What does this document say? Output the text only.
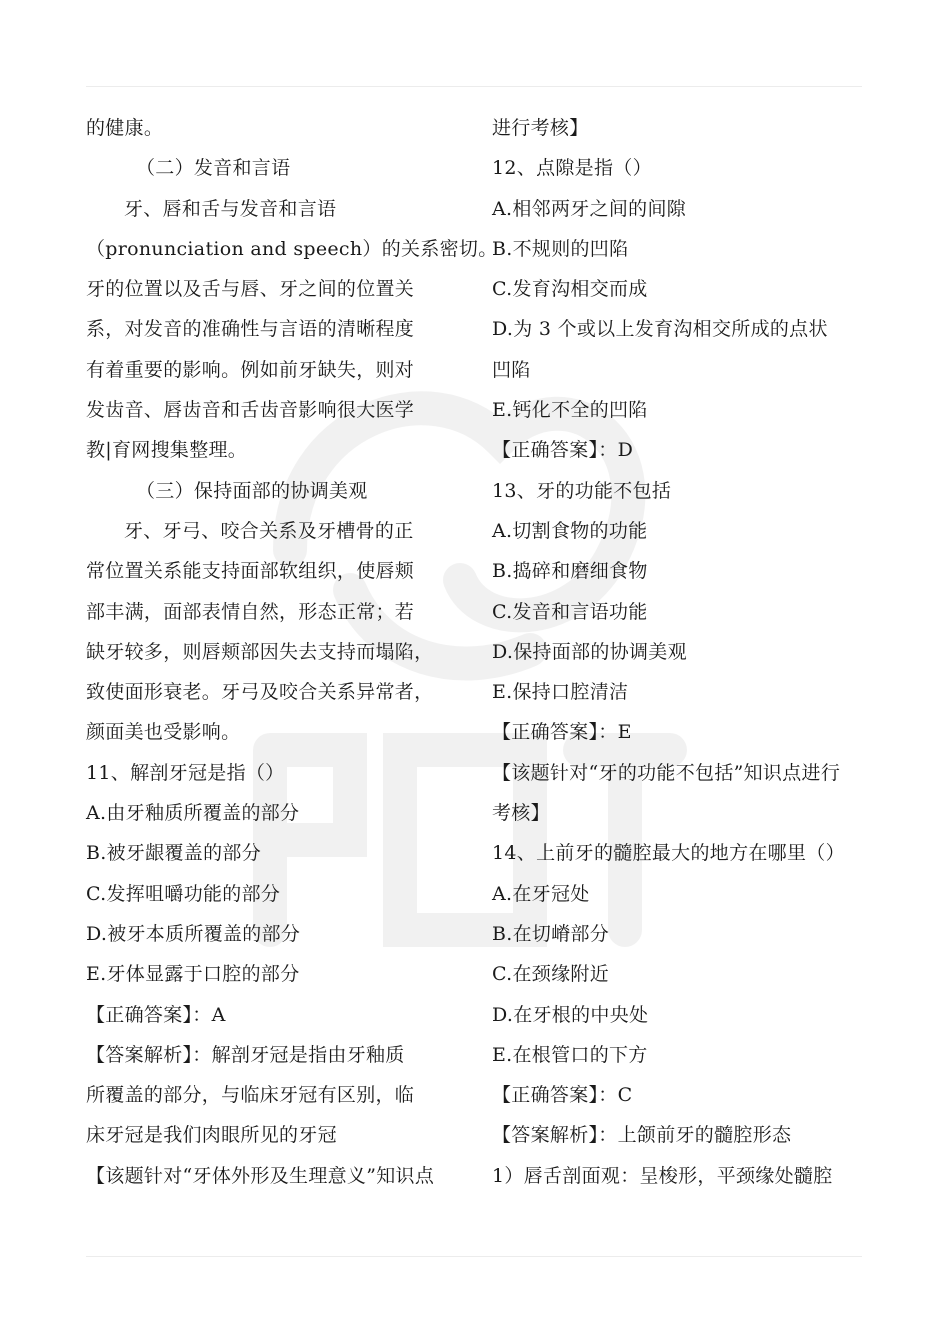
的健康。
（二）发音和言语
牙、唇和舌与发音和言语
（pronunciation and speech）的关系密切。
牙的位置以及舌与唇、牙之间的位置关
系，对发音的准确性与言语的清晰程度
有着重要的影响。例如前牙缺失，则对
发齿音、唇齿音和舌齿音影响很大医学
教|育网搜集整理。
（三）保持面部的协调美观
牙、牙弓、咬合关系及牙槽骨的正
常位置关系能支持面部软组织，使唇颊
部丰满，面部表情自然，形态正常；若
缺牙较多，则唇颊部因失去支持而塌陷，
致使面形衰老。牙弓及咬合关系异常者，
颜面美也受影响。
11、解剖牙冠是指（）
A.由牙釉质所覆盖的部分
B.被牙龈覆盖的部分
C.发挥咀嚼功能的部分
D.被牙本质所覆盖的部分
E.牙体显露于口腔的部分
【正确答案】：A
【答案解析】：解剖牙冠是指由牙釉质
所覆盖的部分，与临床牙冠有区别，临
床牙冠是我们肉眼所见的牙冠
【该题针对“牙体外形及生理意义”知识点
进行考核】
12、点隙是指（）
A.相邻两牙之间的间隙
B.不规则的凹陷
C.发育沟相交而成
D.为 3 个或以上发育沟相交所成的点状
凹陷
E.钙化不全的凹陷
【正确答案】：D
13、牙的功能不包括
A.切割食物的功能
B.捣碎和磨细食物
C.发音和言语功能
D.保持面部的协调美观
E.保持口腔清洁
【正确答案】：E
【该题针对“牙的功能不包括”知识点进行
考核】
14、上前牙的髓腔最大的地方在哪里（）
A.在牙冠处
B.在切嵴部分
C.在颈缘附近
D.在牙根的中央处
E.在根管口的下方
【正确答案】：C
【答案解析】：上颌前牙的髓腔形态
1）唇舌剖面观：呈梭形，平颈缘处髓腔
